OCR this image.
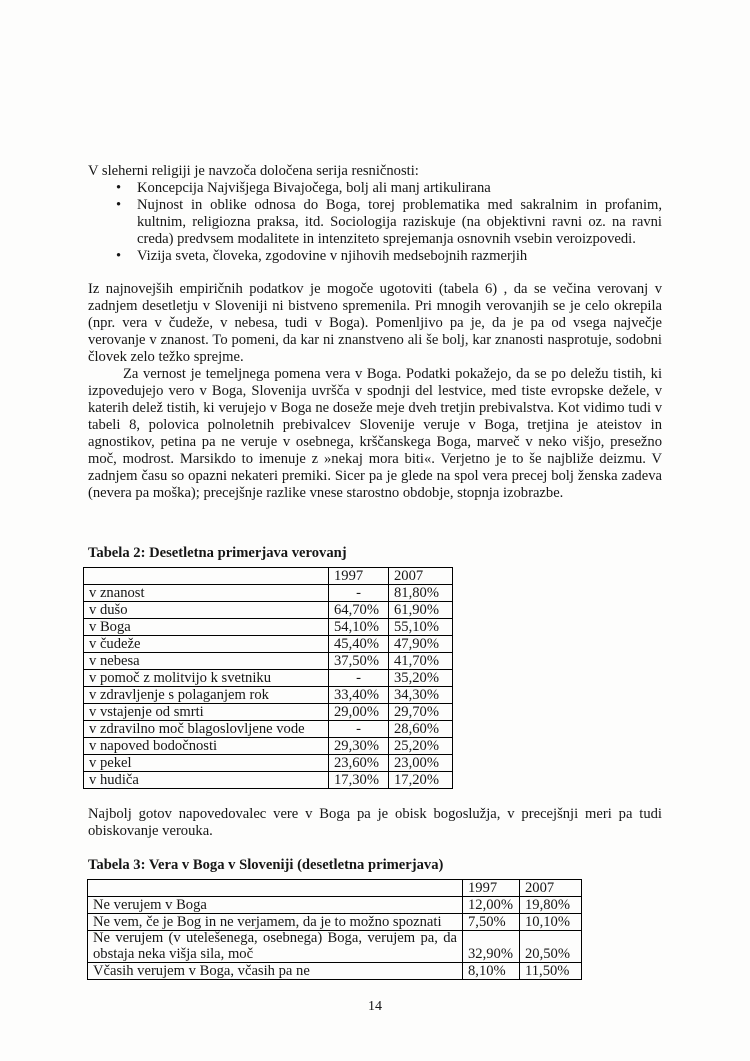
V sleherni religiji je navzoča določena serija resničnosti:
•	Koncepcija Najvišjega Bivajočega, bolj ali manj artikulirana
•	Nujnost in oblike odnosa do Boga, torej problematika med sakralnim in profanim, kultnim, religiozna praksa, itd. Sociologija raziskuje (na objektivni ravni oz. na ravni creda) predvsem modalitete in intenziteto sprejemanja osnovnih vsebin veroizpovedi.
•	Vizija sveta, človeka, zgodovine v njihovih medsebojnih razmerjih

Iz najnovejših empiričnih podatkov je mogoče ugotoviti (tabela 6) , da se večina verovanj v zadnjem desetletju v Sloveniji ni bistveno spremenila. Pri mnogih verovanjih se je celo okrepila (npr. vera v čudeže, v nebesa, tudi v Boga). Pomenljivo pa je, da je pa od vsega največje verovanje v znanost. To pomeni, da kar ni znanstveno ali še bolj, kar znanosti nasprotuje, sodobni človek zelo težko sprejme.

Za vernost je temeljnega pomena vera v Boga. Podatki pokažejo, da se po deležu tistih, ki izpovedujejo vero v Boga, Slovenija uvršča v spodnji del lestvice, med tiste evropske dežele, v katerih delež tistih, ki verujejo v Boga ne doseže meje dveh tretjin prebivalstva. Kot vidimo tudi v tabeli 8, polovica polnoletnih prebivalcev Slovenije veruje v Boga, tretjina je ateistov in agnostikov, petina pa ne veruje v osebnega, krščanskega Boga, marveč v neko višjo, presežno moč, modrost. Marsikdo to imenuje z »nekaj mora biti«. Verjetno je to še najbliže deizmu. V zadnjem času so opazni nekateri premiki. Sicer pa je glede na spol vera precej bolj ženska zadeva (nevera pa moška); precejšnje razlike vnese starostno obdobje, stopnja izobrazbe.

Tabela 2: Desetletna primerjava verovanj
	1997	2007
v znanost	-	81,80%
v dušo	64,70%	61,90%
v Boga	54,10%	55,10%
v čudeže	45,40%	47,90%
v nebesa	37,50%	41,70%
v pomoč z molitvijo k svetniku	-	35,20%
v zdravljenje s polaganjem rok	33,40%	34,30%
v vstajenje od smrti	29,00%	29,70%
v zdravilno moč blagoslovljene vode	-	28,60%
v napoved bodočnosti	29,30%	25,20%
v pekel	23,60%	23,00%
v hudiča	17,30%	17,20%

Najbolj gotov napovedovalec vere v Boga pa je obisk bogoslužja, v precejšnji meri pa tudi obiskovanje verouka.

Tabela 3: Vera v Boga v Sloveniji (desetletna primerjava)
	1997	2007
Ne verujem v Boga	12,00%	19,80%
Ne vem, če je Bog in ne verjamem, da je to možno spoznati	7,50%	10,10%
Ne verujem (v utelešenega, osebnega) Boga, verujem pa, da obstaja neka višja sila, moč	32,90%	20,50%
Včasih verujem v Boga, včasih pa ne	8,10%	11,50%
14
